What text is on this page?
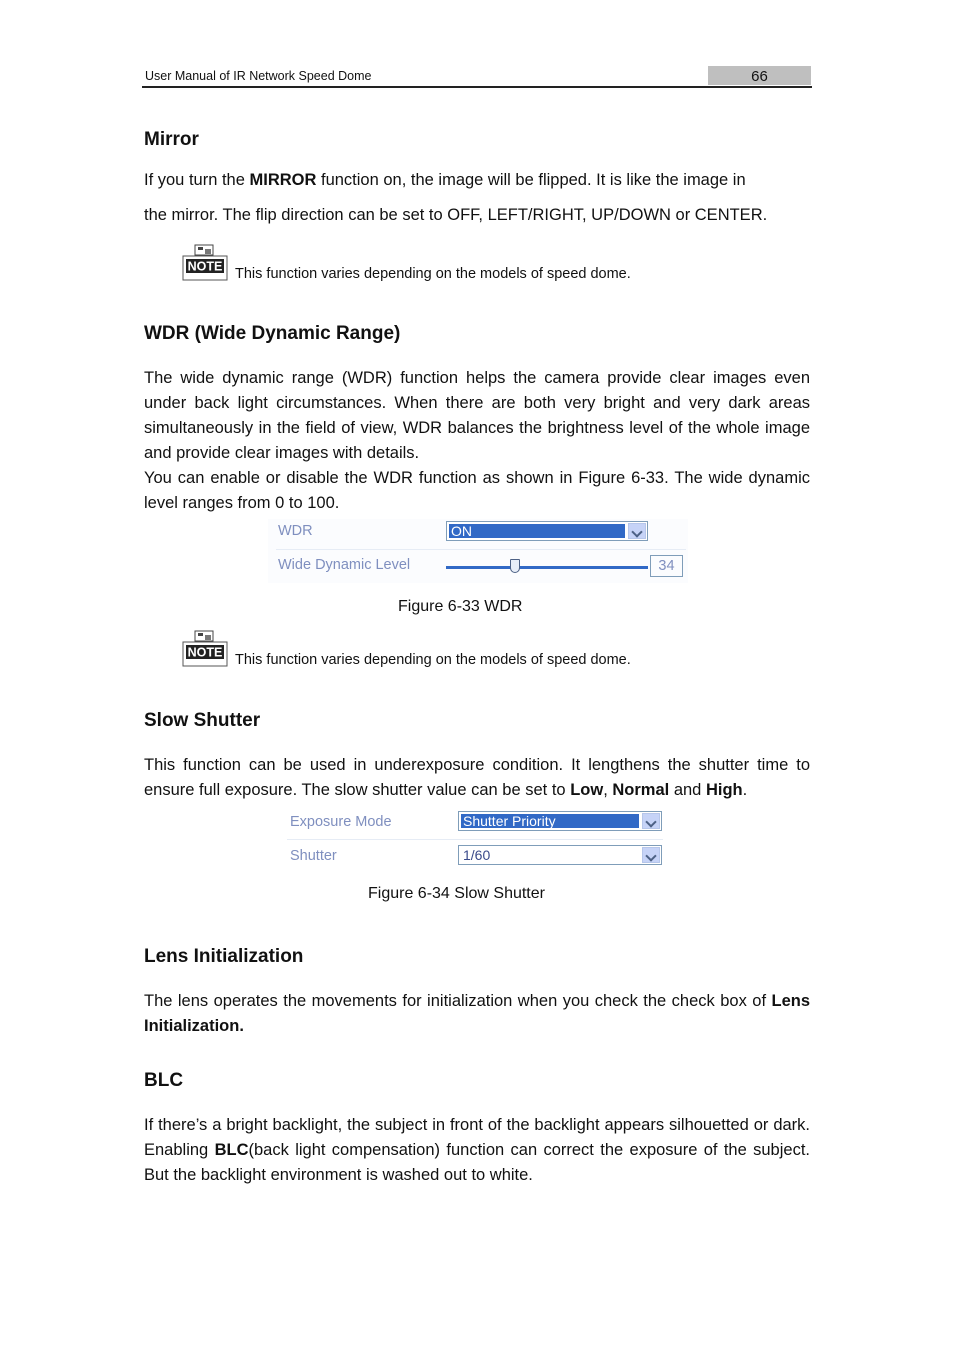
User Manual of IR Network Speed Dome	66
Mirror

If you turn the MIRROR function on, the image will be flipped. It is like the image in

the mirror. The flip direction can be set to OFF, LEFT/RIGHT, UP/DOWN or CENTER.

NOTE This function varies depending on the models of speed dome.
WDR (Wide Dynamic Range)

The wide dynamic range (WDR) function helps the camera provide clear images even under back light circumstances. When there are both very bright and very dark areas simultaneously in the field of view, WDR balances the brightness level of the whole image and provide clear images with details.

You can enable or disable the WDR function as shown in Figure 6-33. The wide dynamic level ranges from 0 to 100.

WDR	ON
Wide Dynamic Level	34
Figure 6-33 WDR
NOTE This function varies depending on the models of speed dome.
Slow Shutter

This function can be used in underexposure condition. It lengthens the shutter time to ensure full exposure. The slow shutter value can be set to Low, Normal and High.

Exposure Mode	Shutter Priority
Shutter	1/60
Figure 6-34 Slow Shutter
Lens Initialization

The lens operates the movements for initialization when you check the check box of Lens Initialization.

BLC

If there’s a bright backlight, the subject in front of the backlight appears silhouetted or dark. Enabling BLC(back light compensation) function can correct the exposure of the subject. But the backlight environment is washed out to white.
